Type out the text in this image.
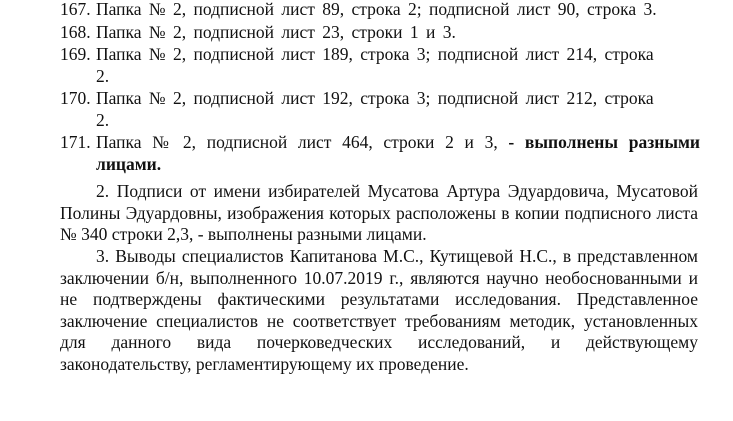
167. Папка № 2, подписной лист 89, строка 2; подписной лист 90, строка 3.
168. Папка № 2, подписной лист 23, строки 1 и 3.
169. Папка № 2, подписной лист 189, строка 3; подписной лист 214, строка
2.
170. Папка № 2, подписной лист 192, строка 3; подписной лист 212, строка
2.
171. Папка № 2, подписной лист 464, строки 2 и 3, - выполнены разными лицами.
2. Подписи от имени избирателей Мусатова Артура Эдуардовича, Мусатовой Полины Эдуардовны, изображения которых расположены в копии подписного листа № 340 строки 2,3, - выполнены разными лицами.
3. Выводы специалистов Капитанова М.С., Кутищевой Н.С., в представленном заключении б/н, выполненного 10.07.2019 г., являются научно необоснованными и не подтверждены фактическими результатами исследования. Представленное заключение специалистов не соответствует требованиям методик, установленных для данного вида почерковедческих исследований, и действующему законодательству, регламентирующему их проведение.
